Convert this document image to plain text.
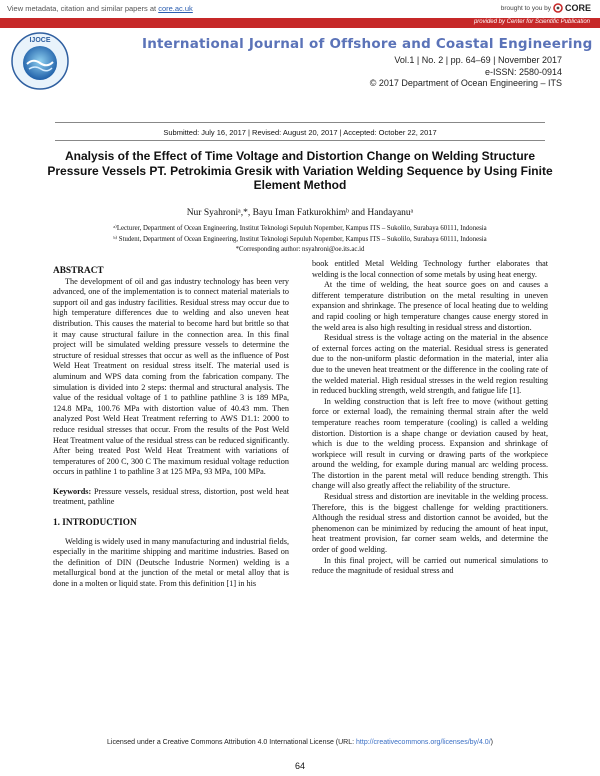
View metadata, citation and similar papers at core.ac.uk	brought to you by CORE
provided by Center for Scientific Publication
IJOCE	International Journal of Offshore and Coastal Engineering
Vol.1 | No. 2 | pp. 64–69 | November 2017
e-ISSN: 2580-0914
© 2017 Department of Ocean Engineering – ITS
Submitted: July 16, 2017 | Revised: August 20, 2017 | Accepted: October 22, 2017
Analysis of the Effect of Time Voltage and Distortion Change on Welding Structure Pressure Vessels PT. Petrokimia Gresik with Variation Welding Sequence by Using Finite Element Method
Nur Syahroniᵃ,*, Bayu Iman Fatkurokhimᵇ and Handayanuᵃ
ᵃ⁾Lecturer, Department of Ocean Engineering, Institut Teknologi Sepuluh Nopember, Kampus ITS – Sukolilo, Surabaya 60111, Indonesia
ᵇ⁾ Student, Department of Ocean Engineering, Institut Teknologi Sepuluh Nopember, Kampus ITS – Sukolilo, Surabaya 60111, Indonesia
*Corresponding author: nsyahroni@oe.its.ac.id

ABSTRACT

The development of oil and gas industry technology has been very advanced, one of the implementation is to connect material materials to support oil and gas industry facilities. Residual stress may occur due to high temperature differences due to welding and also uneven heat distribution. This causes the material to become hard but brittle so that it may cause structural failure in the connection area. In this final project will be simulated welding pressure vessels to determine the structure of residual stresses that occur as well as the influence of Post Weld Heat Treatment on residual stress itself. The material used is aluminum and WPS data coming from the fabrication company. The simulation is divided into 2 steps: thermal and structural analysis. The value of the residual voltage of 1 to pathline pathline 3 is 189 MPa, 124.8 MPa, 100.76 MPa with distortion value of 40.43 mm. Then analyzed Post Weld Heat Treatment referring to AWS D1.1: 2000 to reduce residual stresses that occur. From the results of the Post Weld Heat Treatment value of the residual stress can be reduced significantly. After being treated Post Weld Heat Treatment with variations of temperatures of 200 C, 300 C The maximum residual voltage reduction occurs in pathline 1 to pathline 3 at 125 MPa, 93 MPa, 100 MPa.

Keywords: Pressure vessels, residual stress, distortion, post weld heat treatment, pathline

1. INTRODUCTION

Welding is widely used in many manufacturing and industrial fields, especially in the maritime shipping and maritime industries. Based on the definition of DIN (Deutsche Industrie Normen) welding is a metallurgical bond at the junction of the metal or metal alloy that is done in a molten or liquid state. From this definition [1] in his

book entitled Metal Welding Technology further elaborates that welding is the local connection of some metals by using heat energy.

At the time of welding, the heat source goes on and causes a different temperature distribution on the metal resulting in uneven expansion and shrinkage. The presence of local heating due to welding and rapid cooling or high temperature changes cause energy stored in the weld area is also high resulting in residual stress and distortion.

Residual stress is the voltage acting on the material in the absence of external forces acting on the material. Residual stress is generated due to the non-uniform plastic deformation in the material, inter alia due to the uneven heat treatment or the difference in the cooling rate of the welded material. High residual stresses in the weld region resulting in reduced buckling strength, weld strength, and fatigue life [1].

In welding construction that is left free to move (without getting force or external load), the remaining thermal strain after the weld temperature reaches room temperature (cooling) is called a welding distortion. Distortion is a shape change or deviation caused by heat, which is due to the welding process. Expansion and shrinkage of workpiece will result in curving or drawing parts of the workpiece around the welding, for example during manual arc welding process. The distortion in the parent metal will reduce bending strength. This change will also greatly affect the reliability of the structure.

Residual stress and distortion are inevitable in the welding process. Therefore, this is the biggest challenge for welding practitioners. Although the residual stress and distortion cannot be avoided, but the phenomenon can be minimized by reducing the amount of heat input, heat treatment provision, far corner seam welds, and determine the order of good welding.

In this final project, will be carried out numerical simulations to reduce the magnitude of residual stress and

Licensed under a Creative Commons Attribution 4.0 International License (URL: http://creativecommons.org/licenses/by/4.0/)
64
